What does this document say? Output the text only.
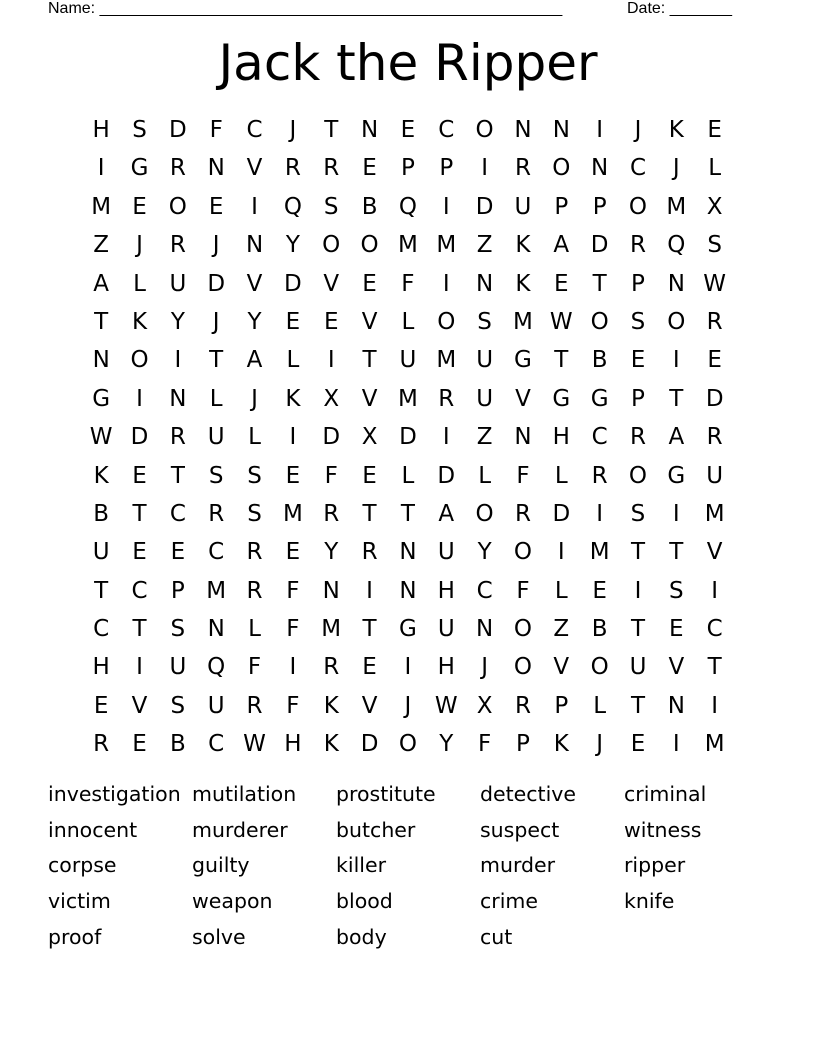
Name: ____________________________________________________	Date: _______
Jack the Ripper
H S D F	C	J	T N E	C O N N	I	J	K	E
I	G R N V R R	E	P	P	I	R O N C	J	L
M E O E	I	Q S	B Q	I	D U P	P O M X
Z	J	R	J	N Y O O M M Z K A D R Q S
A	L	U D V D V	E	F	I	N K	E	T	P N W
T	K	Y	J	Y	E	E	V	L O S M W O S O R
N O	I	T	A	L	I	T U M U G T	B	E	I	E
G	I	N	L	J	K X V M R U V G G P	T D
W D R U	L	I	D X D	I	Z N H C R A R
K	E	T	S	S	E	F	E	L	D	L	F	L	R O G U
B	T	C R	S M R	T	T	A O R D	I	S	I	M
U E	E	C R	E	Y	R N U Y O	I	M T	T	V
T	C	P M R	F	N	I	N H C	F	L	E	I	S	I
C	T	S N	L	F M T G U N O Z B	T	E	C
H	I	U Q F	I	R	E	I	H	J	O V O U V	T
E	V	S U R	F	K V	J	W X R	P	L	T N	I
R	E	B C W H K D O Y	F	P	K	J	E	I	M
investigation mutilation	prostitute	detective	criminal
innocent	murderer	butcher	suspect	witness
corpse	guilty	killer	murder	ripper
victim	weapon	blood	crime	knife
proof	solve	body	cut
